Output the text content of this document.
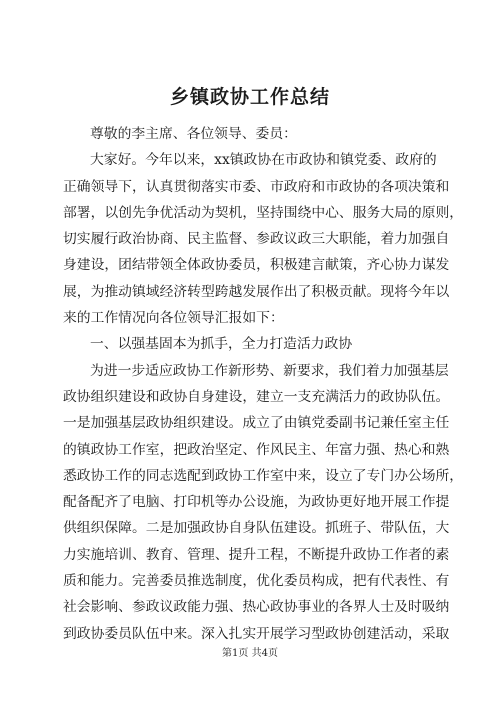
乡镇政协工作总结
尊敬的李主席、各位领导、委员：
大家好。今年以来，xx镇政协在市政协和镇党委、政府的
正确领导下，认真贯彻落实市委、市政府和市政协的各项决策和
部署，以创先争优活动为契机，坚持围绕中心、服务大局的原则，
切实履行政治协商、民主监督、参政议政三大职能，着力加强自
身建设，团结带领全体政协委员，积极建言献策，齐心协力谋发
展，为推动镇域经济转型跨越发展作出了积极贡献。现将今年以
来的工作情况向各位领导汇报如下：
一、以强基固本为抓手，全力打造活力政协
为进一步适应政协工作新形势、新要求，我们着力加强基层
政协组织建设和政协自身建设，建立一支充满活力的政协队伍。
一是加强基层政协组织建设。成立了由镇党委副书记兼任室主任
的镇政协工作室，把政治坚定、作风民主、年富力强、热心和熟
悉政协工作的同志选配到政协工作室中来，设立了专门办公场所，
配备配齐了电脑、打印机等办公设施，为政协更好地开展工作提
供组织保障。二是加强政协自身队伍建设。抓班子、带队伍，大
力实施培训、教育、管理、提升工程，不断提升政协工作者的素
质和能力。完善委员推选制度，优化委员构成，把有代表性、有
社会影响、参政议政能力强、热心政协事业的各界人士及时吸纳
到政协委员队伍中来。深入扎实开展学习型政协创建活动，采取
第1页 共4页
